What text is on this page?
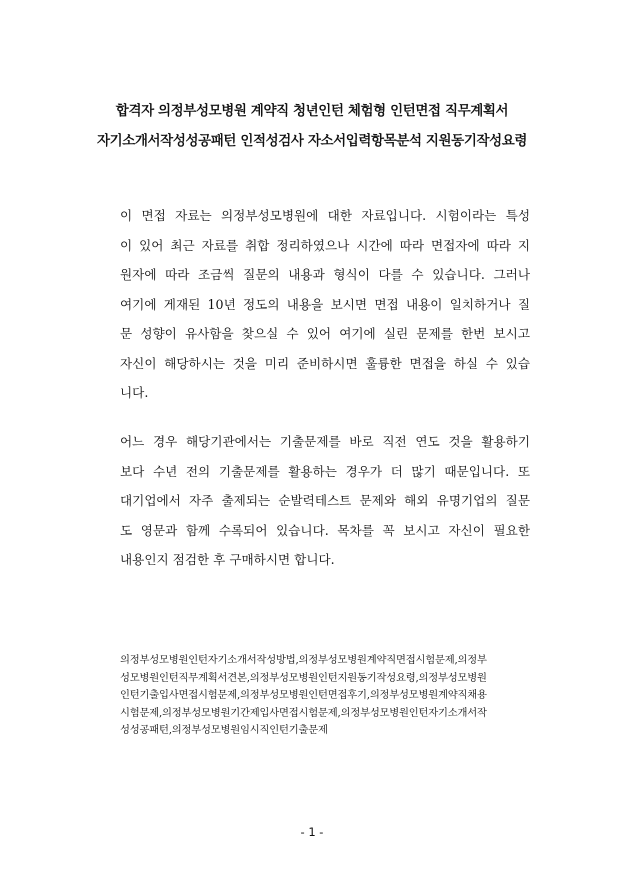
합격자 의정부성모병원 계약직 청년인턴 체험형 인턴면접 직무계획서
자기소개서작성성공패턴 인적성검사 자소서입력항목분석 지원동기작성요령
이 면접 자료는 의정부성모병원에 대한 자료입니다. 시험이라는 특성
이 있어 최근 자료를 취합 정리하였으나 시간에 따라 면접자에 따라 지
원자에 따라 조금씩 질문의 내용과 형식이 다를 수 있습니다. 그러나
여기에 게재된 10년 정도의 내용을 보시면 면접 내용이 일치하거나 질
문 성향이 유사함을 찾으실 수 있어 여기에 실린 문제를 한번 보시고
자신이 해당하시는 것을 미리 준비하시면 훌륭한 면접을 하실 수 있습
니다.
어느 경우 해당기관에서는 기출문제를 바로 직전 연도 것을 활용하기
보다 수년 전의 기출문제를 활용하는 경우가 더 많기 때문입니다. 또
대기업에서 자주 출제되는 순발력테스트 문제와 해외 유명기업의 질문
도 영문과 함께 수록되어 있습니다. 목차를 꼭 보시고 자신이 필요한
내용인지 점검한 후 구매하시면 합니다.
의정부성모병원인턴자기소개서작성방법,의정부성모병원계약직면접시험문제,의정부
성모병원인턴직무계획서견본,의정부성모병원인턴지원동기작성요령,의정부성모병원
인턴기출입사면접시험문제,의정부성모병원인턴면접후기,의정부성모병원계약직채용
시험문제,의정부성모병원기간제입사면접시험문제,의정부성모병원인턴자기소개서작
성성공패턴,의정부성모병원임시직인턴기출문제
- 1 -
